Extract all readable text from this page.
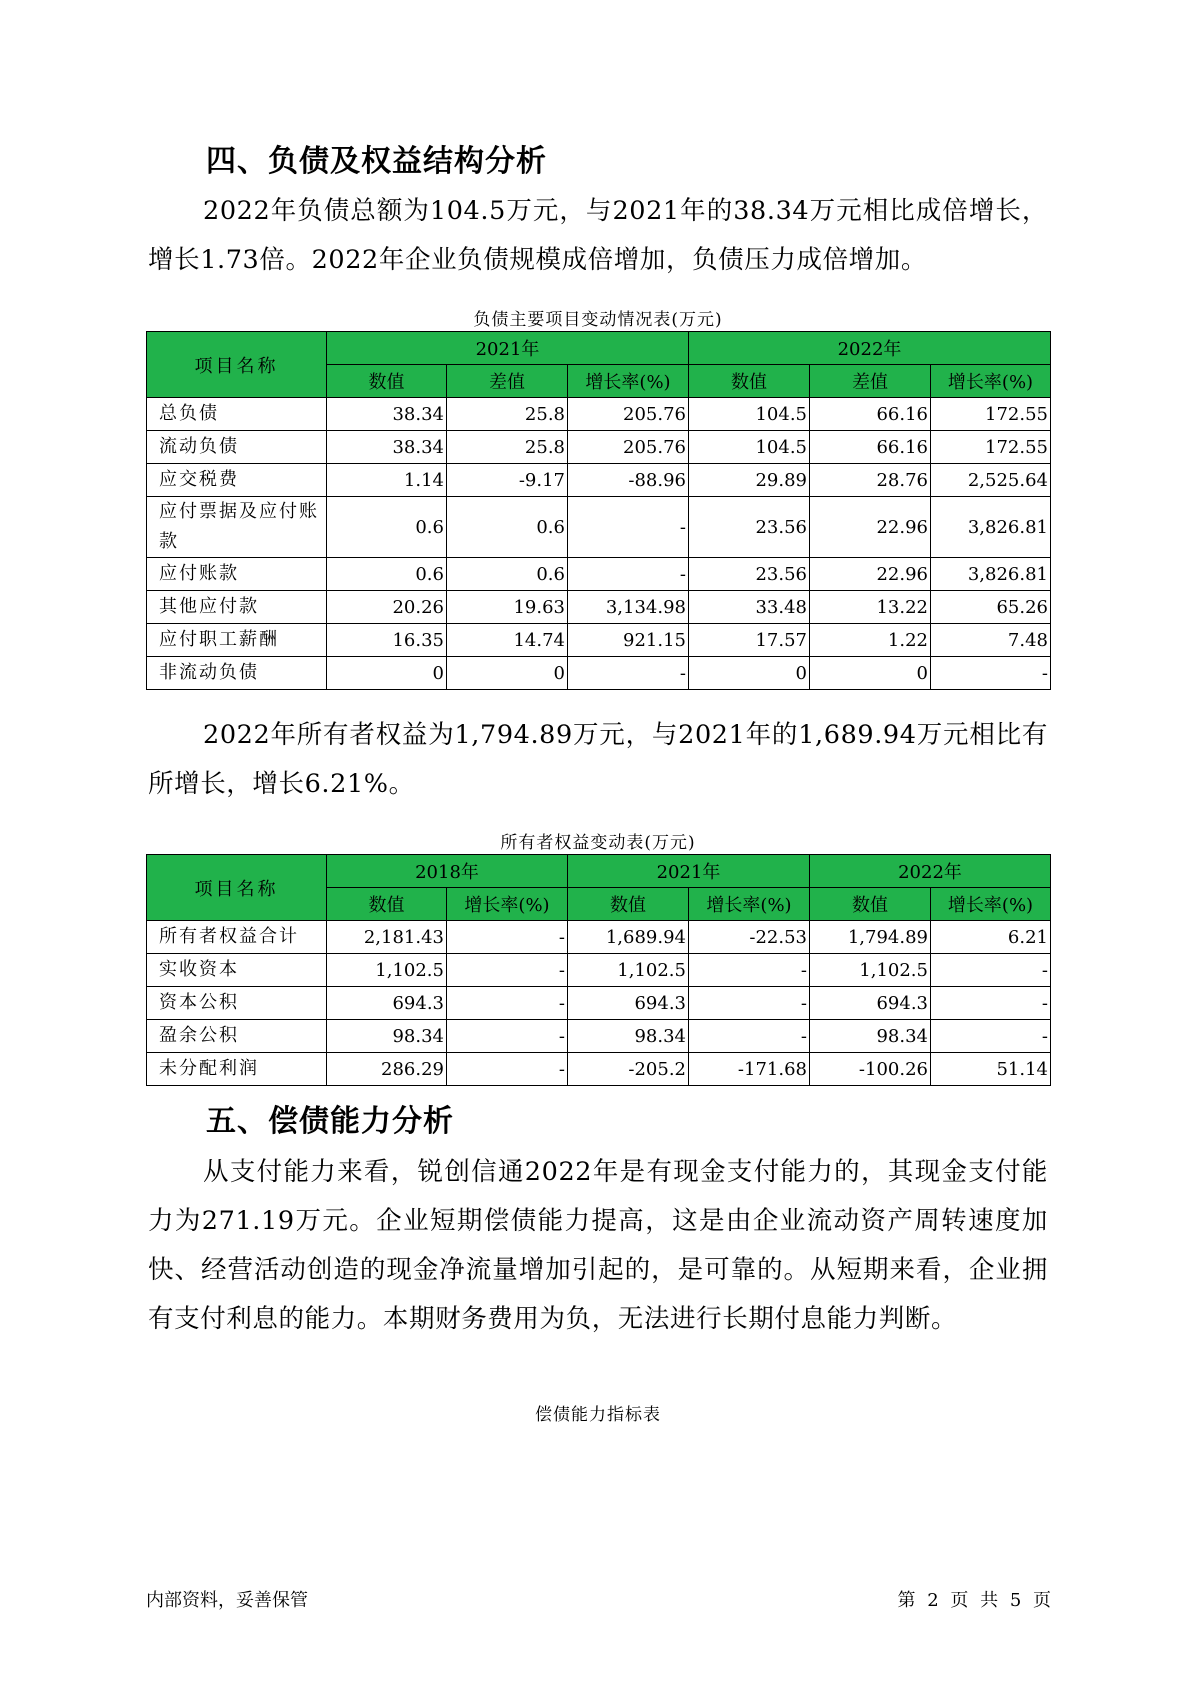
四、负债及权益结构分析

2022年负债总额为104.5万元，与2021年的38.34万元相比成倍增长，增长1.73倍。2022年企业负债规模成倍增加，负债压力成倍增加。

负债主要项目变动情况表(万元)
项目名称	2021年			2022年		
	数值	差值	增长率(%)	数值	差值	增长率(%)
总负债	38.34	25.8	205.76	104.5	66.16	172.55
流动负债	38.34	25.8	205.76	104.5	66.16	172.55
应交税费	1.14	-9.17	-88.96	29.89	28.76	2,525.64
应付票据及应付账款	0.6	0.6	-	23.56	22.96	3,826.81
应付账款	0.6	0.6	-	23.56	22.96	3,826.81
其他应付款	20.26	19.63	3,134.98	33.48	13.22	65.26
应付职工薪酬	16.35	14.74	921.15	17.57	1.22	7.48
非流动负债	0	0	-	0	0	-

2022年所有者权益为1,794.89万元，与2021年的1,689.94万元相比有所增长，增长6.21%。

所有者权益变动表(万元)
项目名称	2018年		2021年		2022年	
	数值	增长率(%)	数值	增长率(%)	数值	增长率(%)
所有者权益合计	2,181.43	-	1,689.94	-22.53	1,794.89	6.21
实收资本	1,102.5	-	1,102.5	-	1,102.5	-
资本公积	694.3	-	694.3	-	694.3	-
盈余公积	98.34	-	98.34	-	98.34	-
未分配利润	286.29	-	-205.2	-171.68	-100.26	51.14
五、偿债能力分析

从支付能力来看，锐创信通2022年是有现金支付能力的，其现金支付能力为271.19万元。企业短期偿债能力提高，这是由企业流动资产周转速度加快、经营活动创造的现金净流量增加引起的，是可靠的。从短期来看，企业拥有支付利息的能力。本期财务费用为负，无法进行长期付息能力判断。

偿债能力指标表
内部资料，妥善保管	第 2 页 共 5 页
